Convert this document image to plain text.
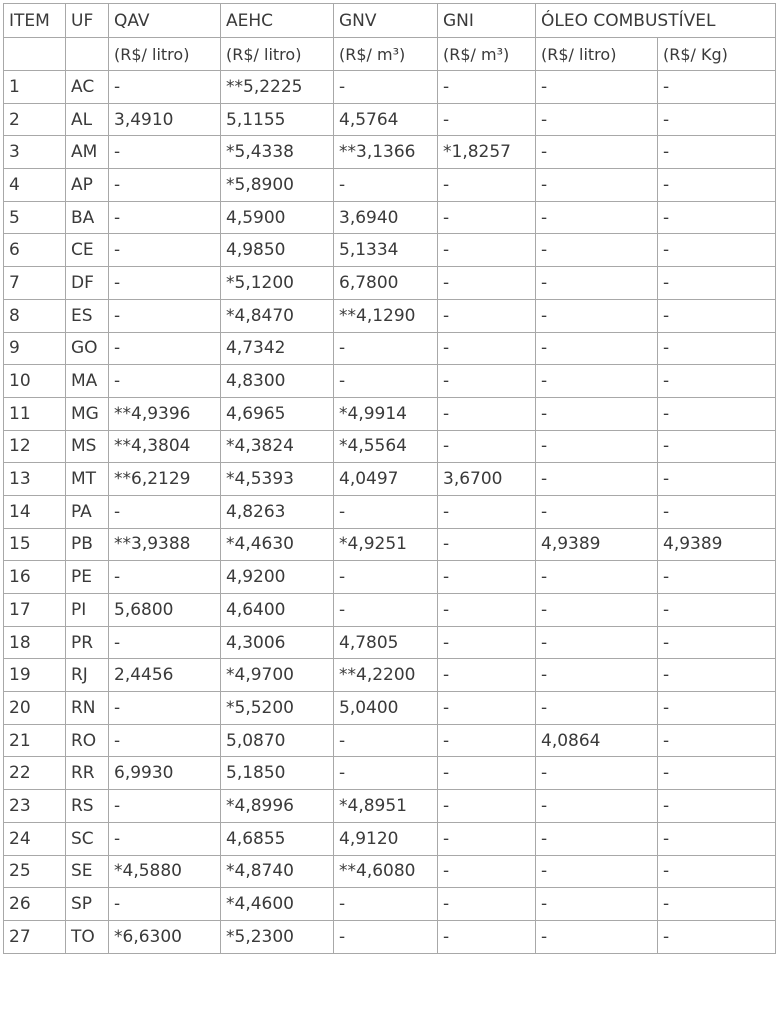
ITEM	UF	QAV	AEHC	GNV	GNI	ÓLEO COMBUSTÍVEL	
		(R$/ litro)	(R$/ litro)	(R$/ m³)	(R$/ m³)	(R$/ litro)	(R$/ Kg)
1	AC	-	**5,2225	-	-	-	-
2	AL	3,4910	5,1155	4,5764	-	-	-
3	AM	-	*5,4338	**3,1366	*1,8257	-	-
4	AP	-	*5,8900	-	-	-	-
5	BA	-	4,5900	3,6940	-	-	-
6	CE	-	4,9850	5,1334	-	-	-
7	DF	-	*5,1200	6,7800	-	-	-
8	ES	-	*4,8470	**4,1290	-	-	-
9	GO	-	4,7342	-	-	-	-
10	MA	-	4,8300	-	-	-	-
11	MG	**4,9396	4,6965	*4,9914	-	-	-
12	MS	**4,3804	*4,3824	*4,5564	-	-	-
13	MT	**6,2129	*4,5393	4,0497	3,6700	-	-
14	PA	-	4,8263	-	-	-	-
15	PB	**3,9388	*4,4630	*4,9251	-	4,9389	4,9389
16	PE	-	4,9200	-	-	-	-
17	PI	5,6800	4,6400	-	-	-	-
18	PR	-	4,3006	4,7805	-	-	-
19	RJ	2,4456	*4,9700	**4,2200	-	-	-
20	RN	-	*5,5200	5,0400	-	-	-
21	RO	-	5,0870	-	-	4,0864	-
22	RR	6,9930	5,1850	-	-	-	-
23	RS	-	*4,8996	*4,8951	-	-	-
24	SC	-	4,6855	4,9120	-	-	-
25	SE	*4,5880	*4,8740	**4,6080	-	-	-
26	SP	-	*4,4600	-	-	-	-
27	TO	*6,6300	*5,2300	-	-	-	-
